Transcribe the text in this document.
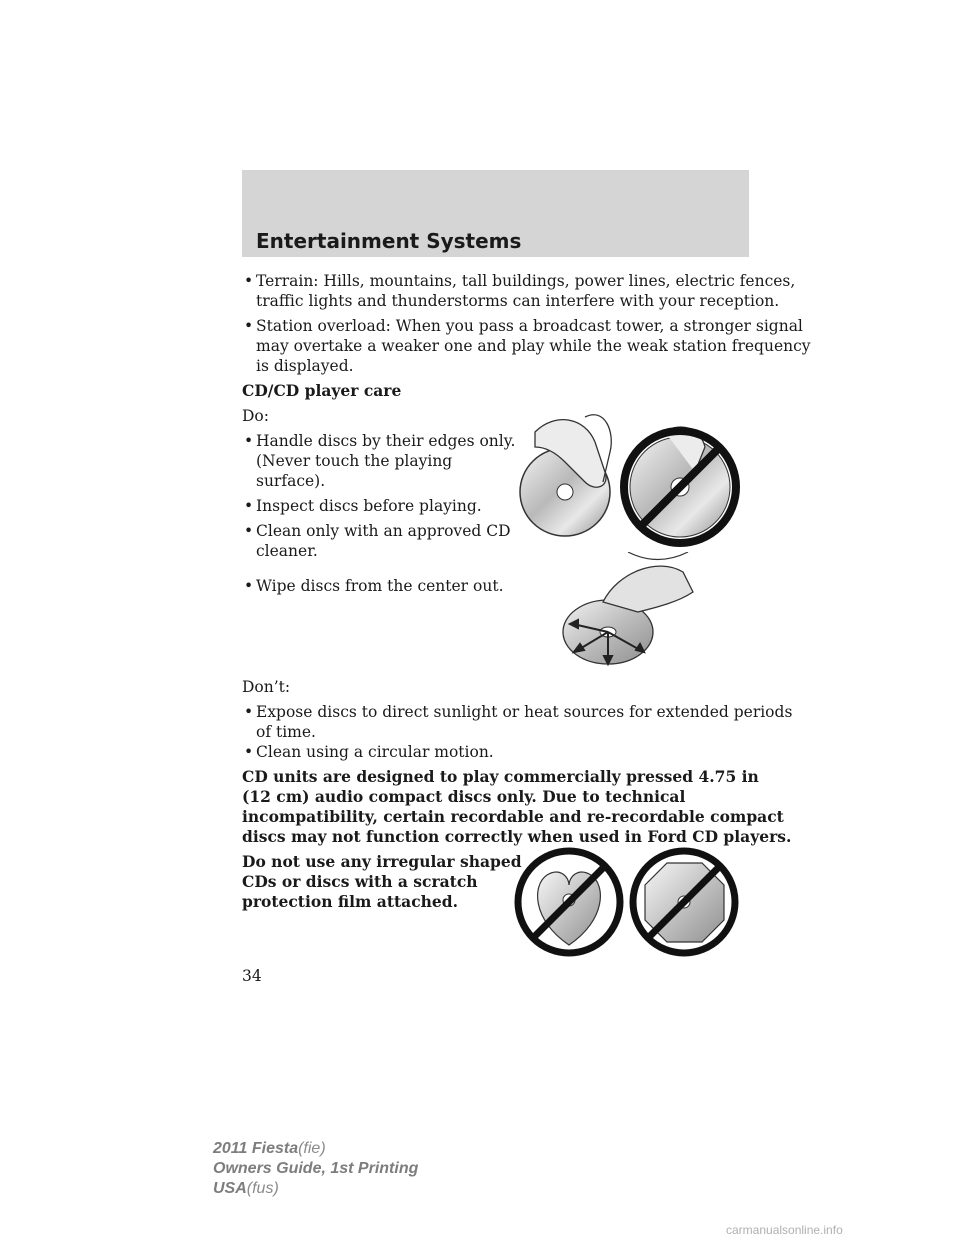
Entertainment Systems
• Terrain: Hills, mountains, tall buildings, power lines, electric fences,
traffic lights and thunderstorms can interfere with your reception.
• Station overload: When you pass a broadcast tower, a stronger signal
may overtake a weaker one and play while the weak station frequency
is displayed.
CD/CD player care
Do:
• Handle discs by their edges only.
(Never touch the playing
surface).
• Inspect discs before playing.
• Clean only with an approved CD
cleaner.
• Wipe discs from the center out.
Don’t:
• Expose discs to direct sunlight or heat sources for extended periods
of time.
• Clean using a circular motion.
CD units are designed to play commercially pressed 4.75 in
(12 cm) audio compact discs only. Due to technical
incompatibility, certain recordable and re-recordable compact
discs may not function correctly when used in Ford CD players.
Do not use any irregular shaped
CDs or discs with a scratch
protection film attached.
34
2011 Fiesta(fie)
Owners Guide, 1st Printing
USA(fus)
carmanualsonline.info
